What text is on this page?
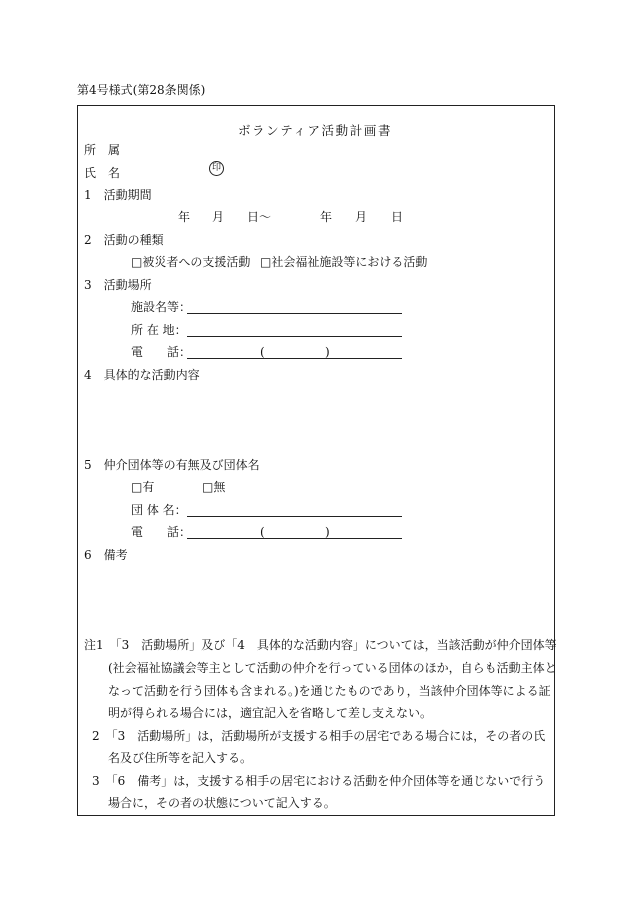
第4号様式(第28条関係)
ボランティア活動計画書
所　属
氏　名	印
1　活動期間
年 月 日～	年 月 日
2　活動の種類
□被災者への支援活動 □社会福祉施設等における活動
3　活動場所
施設名等：
所 在 地：
電　　話：	(	)
4　具体的な活動内容
5　仲介団体等の有無及び団体名
□有	□無
団 体 名：
電　　話：	(	)
6　備考
注1　「3　活動場所」及び「4　具体的な活動内容」については，当該活動が仲介団体等
(社会福祉協議会等主として活動の仲介を行っている団体のほか，自らも活動主体と
なって活動を行う団体も含まれる。)を通じたものであり，当該仲介団体等による証
明が得られる場合には，適宜記入を省略して差し支えない。
2　「3　活動場所」は，活動場所が支援する相手の居宅である場合には，その者の氏
名及び住所等を記入する。
3　「6　備考」は，支援する相手の居宅における活動を仲介団体等を通じないで行う
場合に，その者の状態について記入する。
